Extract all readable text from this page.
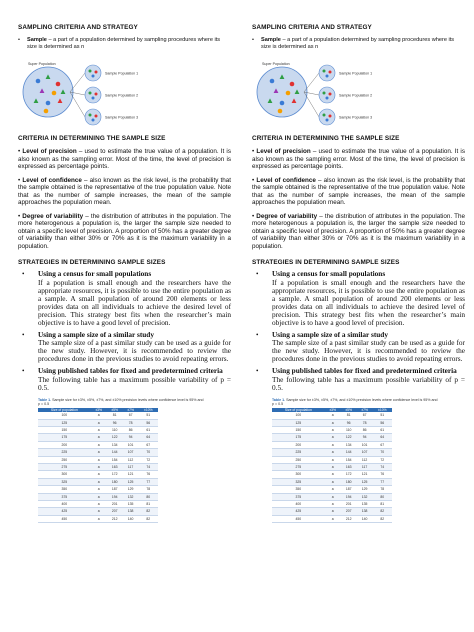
SAMPLING CRITERIA AND STRATEGY
•	Sample – a part of a population determined by sampling procedures where its size is determined as n
Super Population
Sample Population 1
Sample Population 2
Sample Population 3
CRITERIA IN DETERMINING THE SAMPLE SIZE
• Level of precision – used to estimate the true value of a population. It is also known as the sampling error. Most of the time, the level of precision is expressed as percentage points.
• Level of confidence – also known as the risk level, is the probability that the sample obtained is the representative of the true population value. Note that as the number of sample increases, the mean of the sample approaches the population mean.
• Degree of variability – the distribution of attributes in the population. The more heterogenous a population is, the larger the sample size needed to obtain a specific level of precision. A proportion of 50% has a greater degree of variability than either 30% or 70% as it is the maximum variability in a population.
STRATEGIES IN DETERMINING SAMPLE SIZES
•	Using a census for small populations
If a population is small enough and the researchers have the appropriate resources, it is possible to use the entire population as a sample. A small population of around 200 elements or less provides data on all individuals to achieve the desired level of precision. This strategy best fits when the researcher’s main objective is to have a good level of precision.
•	Using a sample size of a similar study
The sample size of a past similar study can be used as a guide for the new study. However, it is recommended to review the procedures done in the previous studies to avoid repeating errors.
•	Using published tables for fixed and predetermined criteria
The following table has a maximum possible variability of p = 0.5.
Table 1. Sample size for ±3%, ±5%, ±7%, and ±10% precision levels where confidence level is 95% and p = 0.5
Size of population	±3%	±5%	±7%	±10%
100	a	81	67	51
125	a	96	78	56
150	a	110	86	61
175	a	122	94	64
200	a	134	101	67
225	a	144	107	70
250	a	154	112	72
275	a	163	117	74
300	a	172	121	76
325	a	180	125	77
350	a	187	129	78
375	a	194	132	80
400	a	201	135	81
425	a	207	138	82
450	a	212	140	82
SAMPLING CRITERIA AND STRATEGY
•	Sample – a part of a population determined by sampling procedures where its size is determined as n
Super Population
Sample Population 1
Sample Population 2
Sample Population 3
CRITERIA IN DETERMINING THE SAMPLE SIZE
• Level of precision – used to estimate the true value of a population. It is also known as the sampling error. Most of the time, the level of precision is expressed as percentage points.
• Level of confidence – also known as the risk level, is the probability that the sample obtained is the representative of the true population value. Note that as the number of sample increases, the mean of the sample approaches the population mean.
• Degree of variability – the distribution of attributes in the population. The more heterogenous a population is, the larger the sample size needed to obtain a specific level of precision. A proportion of 50% has a greater degree of variability than either 30% or 70% as it is the maximum variability in a population.
STRATEGIES IN DETERMINING SAMPLE SIZES
•	Using a census for small populations
If a population is small enough and the researchers have the appropriate resources, it is possible to use the entire population as a sample. A small population of around 200 elements or less provides data on all individuals to achieve the desired level of precision. This strategy best fits when the researcher’s main objective is to have a good level of precision.
•	Using a sample size of a similar study
The sample size of a past similar study can be used as a guide for the new study. However, it is recommended to review the procedures done in the previous studies to avoid repeating errors.
•	Using published tables for fixed and predetermined criteria
The following table has a maximum possible variability of p = 0.5.
Table 1. Sample size for ±3%, ±5%, ±7%, and ±10% precision levels where confidence level is 95% and p = 0.5
Size of population	±3%	±5%	±7%	±10%
100	a	81	67	51
125	a	96	78	56
150	a	110	86	61
175	a	122	94	64
200	a	134	101	67
225	a	144	107	70
250	a	154	112	72
275	a	163	117	74
300	a	172	121	76
325	a	180	125	77
350	a	187	129	78
375	a	194	132	80
400	a	201	135	81
425	a	207	138	82
450	a	212	140	82
